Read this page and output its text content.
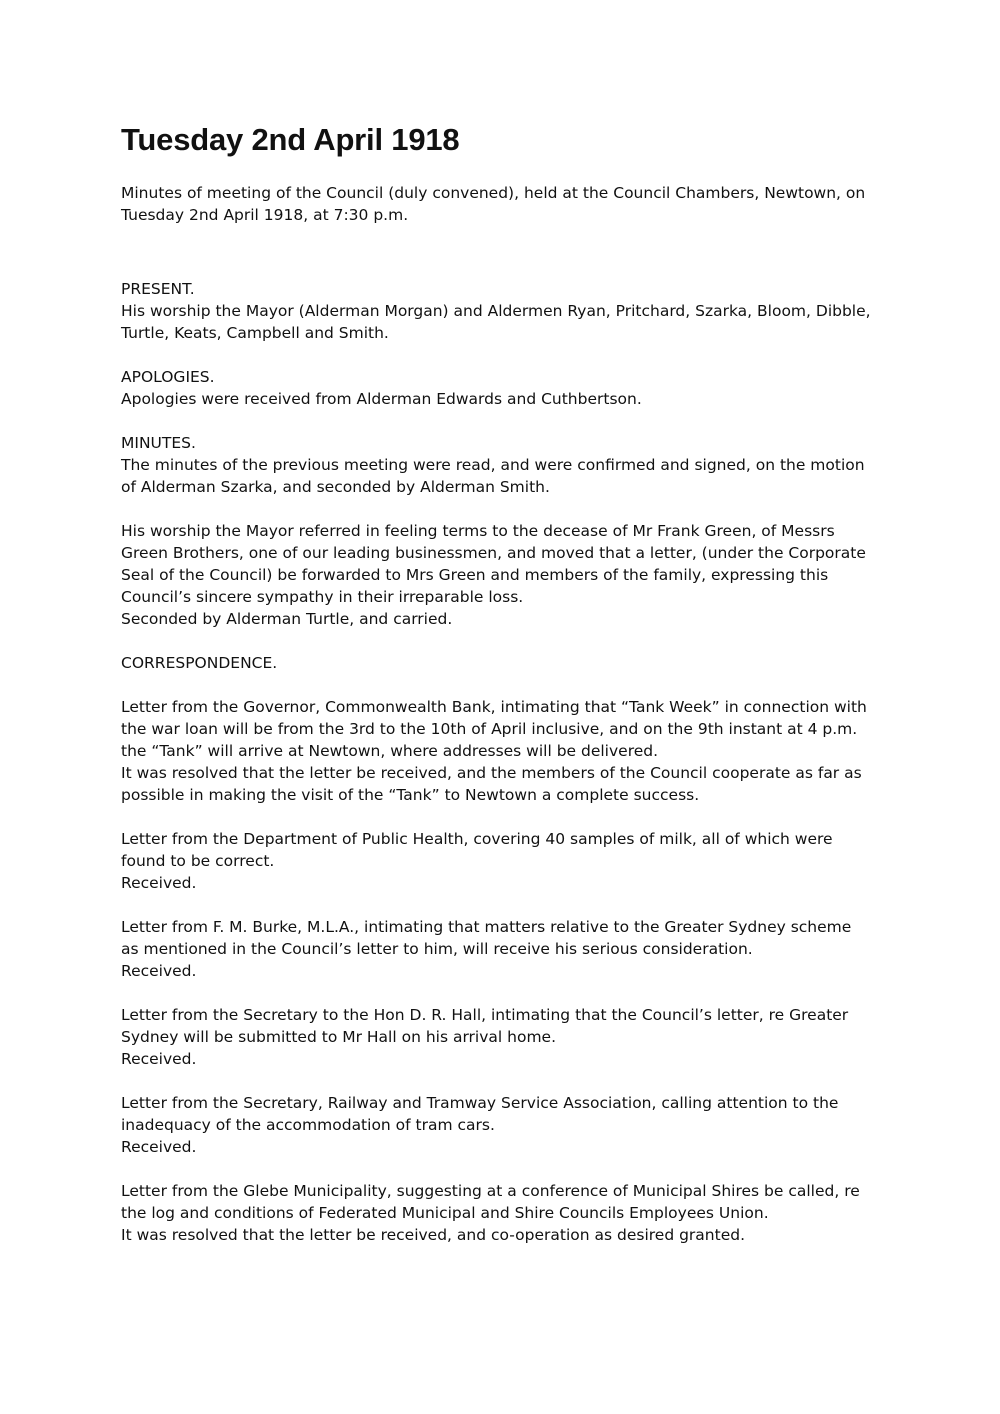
Tuesday 2nd April 1918

Minutes of meeting of the Council (duly convened), held at the Council Chambers, Newtown, on
Tuesday 2nd April 1918, at 7:30 p.m.

PRESENT.
His worship the Mayor (Alderman Morgan) and Aldermen Ryan, Pritchard, Szarka, Bloom, Dibble,
Turtle, Keats, Campbell and Smith.
APOLOGIES.
Apologies were received from Alderman Edwards and Cuthbertson.
MINUTES.
The minutes of the previous meeting were read, and were confirmed and signed, on the motion
of Alderman Szarka, and seconded by Alderman Smith.
His worship the Mayor referred in feeling terms to the decease of Mr Frank Green, of Messrs
Green Brothers, one of our leading businessmen, and moved that a letter, (under the Corporate
Seal of the Council) be forwarded to Mrs Green and members of the family, expressing this
Council’s sincere sympathy in their irreparable loss.
Seconded by Alderman Turtle, and carried.
CORRESPONDENCE.
Letter from the Governor, Commonwealth Bank, intimating that “Tank Week” in connection with
the war loan will be from the 3rd to the 10th of April inclusive, and on the 9th instant at 4 p.m.
the “Tank” will arrive at Newtown, where addresses will be delivered.
It was resolved that the letter be received, and the members of the Council cooperate as far as
possible in making the visit of the “Tank” to Newtown a complete success.
Letter from the Department of Public Health, covering 40 samples of milk, all of which were
found to be correct.
Received.
Letter from F. M. Burke, M.L.A., intimating that matters relative to the Greater Sydney scheme
as mentioned in the Council’s letter to him, will receive his serious consideration.
Received.
Letter from the Secretary to the Hon D. R. Hall, intimating that the Council’s letter, re Greater
Sydney will be submitted to Mr Hall on his arrival home.
Received.
Letter from the Secretary, Railway and Tramway Service Association, calling attention to the
inadequacy of the accommodation of tram cars.
Received.
Letter from the Glebe Municipality, suggesting at a conference of Municipal Shires be called, re
the log and conditions of Federated Municipal and Shire Councils Employees Union.
It was resolved that the letter be received, and co-operation as desired granted.
